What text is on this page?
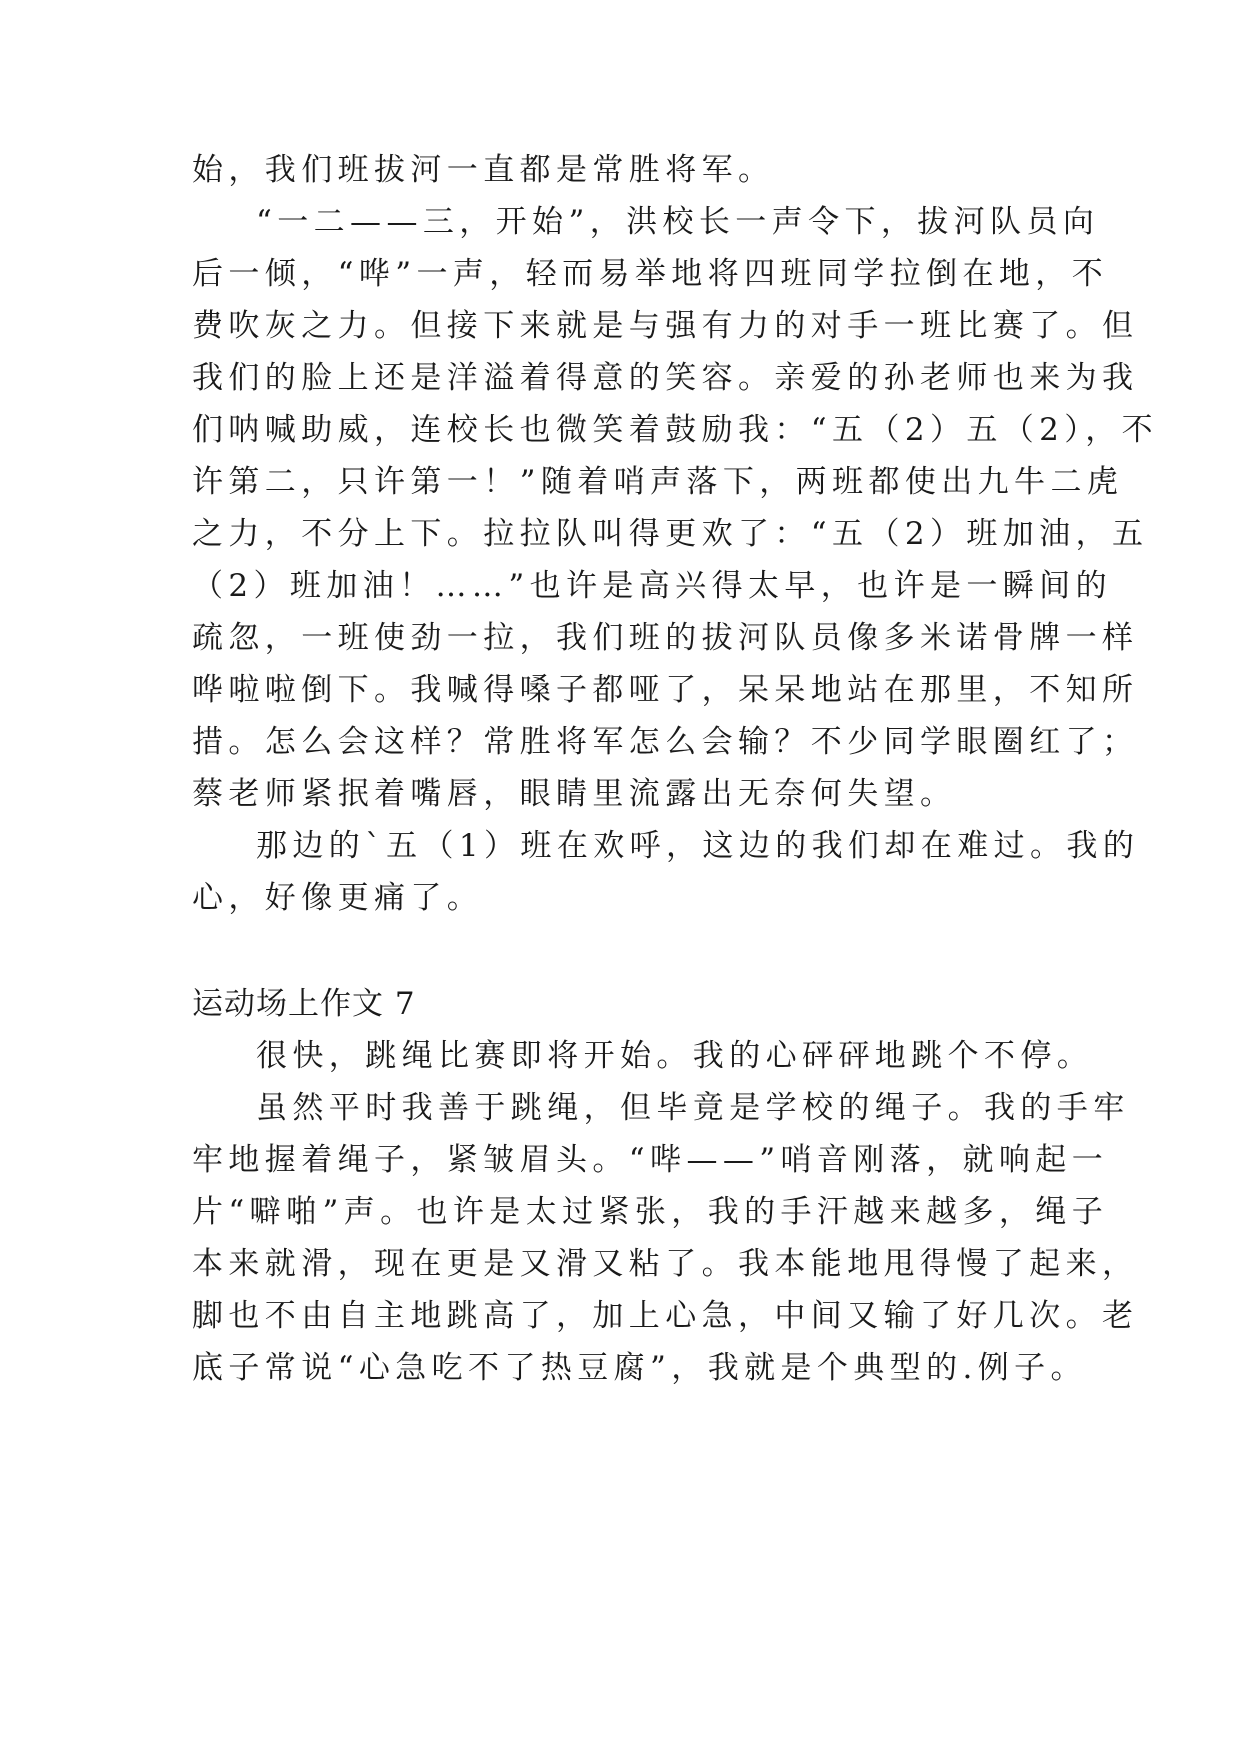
始，我们班拔河一直都是常胜将军。
“一二——三，开始”，洪校长一声令下，拔河队员向
后一倾，“哗”一声，轻而易举地将四班同学拉倒在地，不
费吹灰之力。但接下来就是与强有力的对手一班比赛了。但
我们的脸上还是洋溢着得意的笑容。亲爱的孙老师也来为我
们呐喊助威，连校长也微笑着鼓励我：“五（2）五（2），不
许第二，只许第一！”随着哨声落下，两班都使出九牛二虎
之力，不分上下。拉拉队叫得更欢了：“五（2）班加油，五
（2）班加油！……”也许是高兴得太早，也许是一瞬间的
疏忽，一班使劲一拉，我们班的拔河队员像多米诺骨牌一样
哗啦啦倒下。我喊得嗓子都哑了，呆呆地站在那里，不知所
措。怎么会这样？常胜将军怎么会输？不少同学眼圈红了；
蔡老师紧抿着嘴唇，眼睛里流露出无奈何失望。
那边的`五（1）班在欢呼，这边的我们却在难过。我的
心，好像更痛了。
运动场上作文 7
很快，跳绳比赛即将开始。我的心砰砰地跳个不停。
虽然平时我善于跳绳，但毕竟是学校的绳子。我的手牢
牢地握着绳子，紧皱眉头。“哔——”哨音刚落，就响起一
片“噼啪”声。也许是太过紧张，我的手汗越来越多，绳子
本来就滑，现在更是又滑又粘了。我本能地甩得慢了起来，
脚也不由自主地跳高了，加上心急，中间又输了好几次。老
底子常说“心急吃不了热豆腐”，我就是个典型的.例子。
